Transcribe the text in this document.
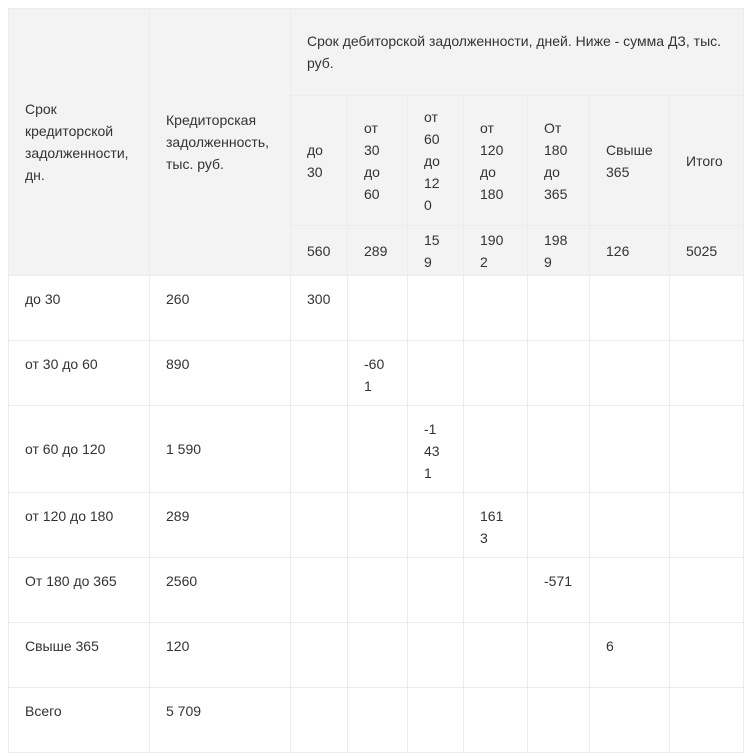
Срок кредиторской задолженности, дн.	Кредиторская задолженность, тыс. руб.	Срок дебиторской задолженности, дней. Ниже - сумма ДЗ, тыс. руб.						
		до 30	от 30 до 60	от 60 до 120	от 120 до 180	От 180 до 365	Свыше 365	Итого
		560	289	159	1902	1989	126	5025
до 30	260	300						
от 30 до 60	890		-601					
от 60 до 120	1 590			-1 431				
от 120 до 180	289				1613			
От 180 до 365	2560					-571		
Свыше 365	120						6	
Всего	5 709							
